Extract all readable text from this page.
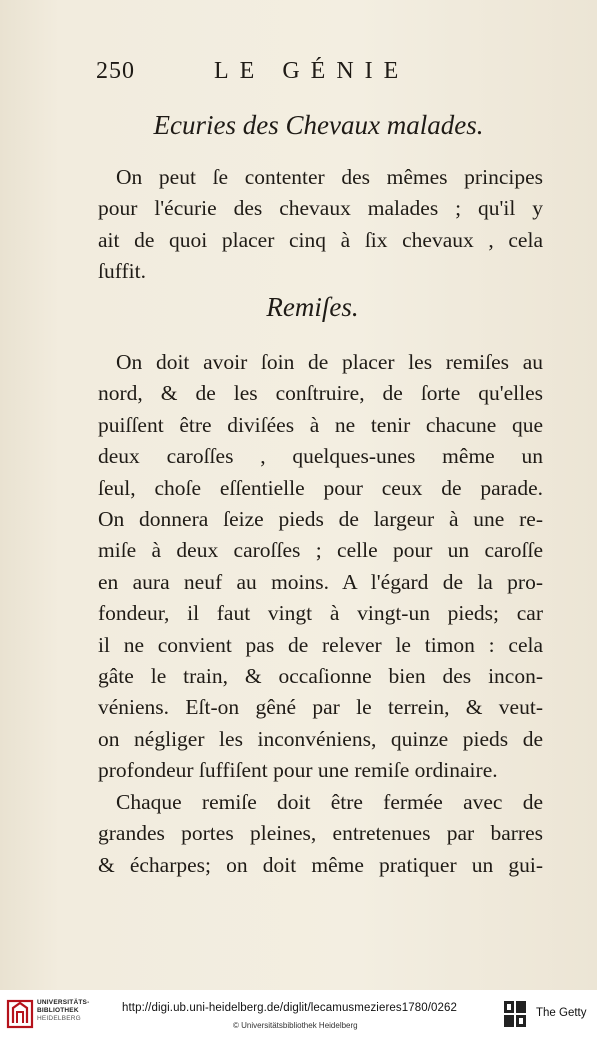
250	LE GÉNIE
Ecuries des Chevaux malades.
On peut ſe contenter des mêmes principes
pour l'écurie des chevaux malades ; qu'il y
ait de quoi placer cinq à ſix chevaux , cela
ſuffit.
Remiſes.
On doit avoir ſoin de placer les remiſes au
nord, & de les conſtruire, de ſorte qu'elles
puiſſent être diviſées à ne tenir chacune que
deux caroſſes , quelques-unes même un
ſeul, choſe eſſentielle pour ceux de parade.
On donnera ſeize pieds de largeur à une re-
miſe à deux caroſſes ; celle pour un caroſſe
en aura neuf au moins. A l'égard de la pro-
fondeur, il faut vingt à vingt-un pieds; car
il ne convient pas de relever le timon : cela
gâte le train, & occaſionne bien des incon-
véniens. Eſt-on gêné par le terrein, & veut-
on négliger les inconvéniens, quinze pieds de
profondeur ſuffiſent pour une remiſe ordinaire.
Chaque remiſe doit être fermée avec de
grandes portes pleines, entretenues par barres
& écharpes; on doit même pratiquer un gui-
UNIVERSITÄTS-
BIBLIOTHEK
HEIDELBERG
http://digi.ub.uni-heidelberg.de/diglit/lecamusmezieres1780/0262
© Universitätsbibliothek Heidelberg
The Getty
